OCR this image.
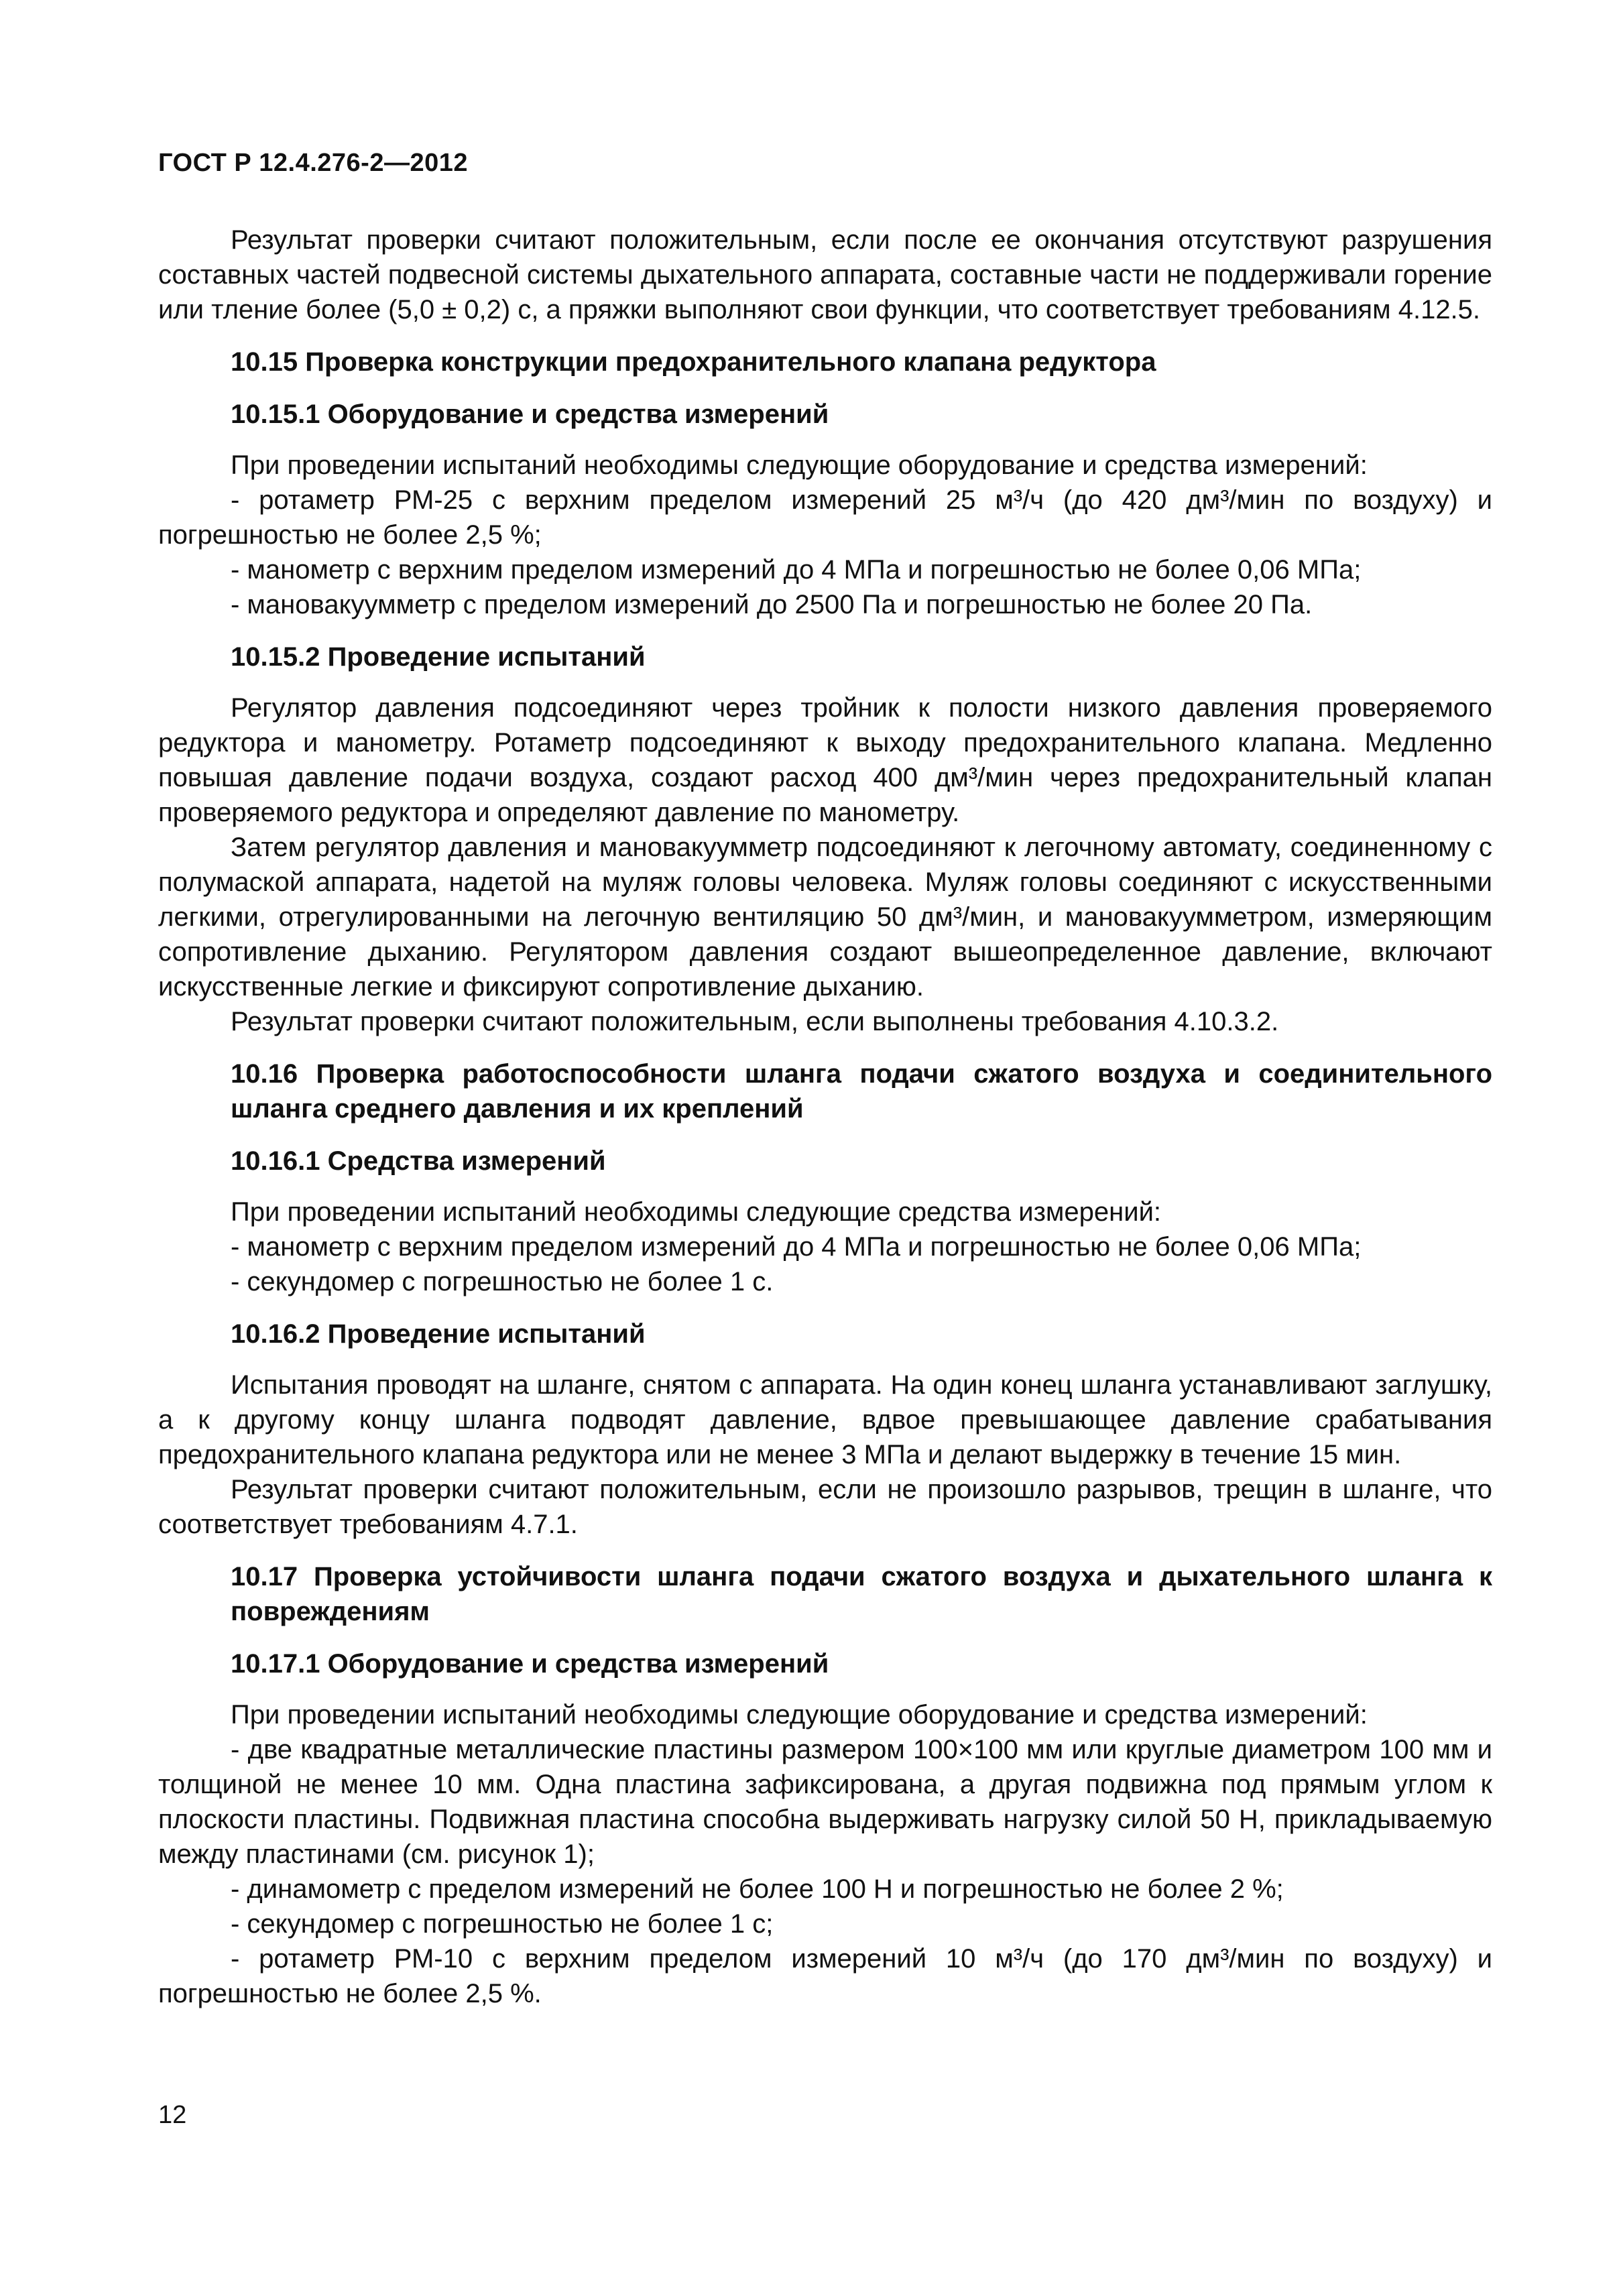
ГОСТ Р 12.4.276-2—2012

Результат проверки считают положительным, если после ее окончания отсутствуют разрушения составных частей подвесной системы дыхательного аппарата, составные части не поддерживали горение или тление более (5,0 ± 0,2) с, а пряжки выполняют свои функции, что соответствует требованиям 4.12.5.

10.15 Проверка конструкции предохранительного клапана редуктора
10.15.1 Оборудование и средства измерений

При проведении испытаний необходимы следующие оборудование и средства измерений:

- ротаметр РМ-25 с верхним пределом измерений 25 м³/ч (до 420 дм³/мин по воздуху) и погрешностью не более 2,5 %;

- манометр с верхним пределом измерений до 4 МПа и погрешностью не более 0,06 МПа;

- мановакуумметр с пределом измерений до 2500 Па и погрешностью не более 20 Па.

10.15.2 Проведение испытаний

Регулятор давления подсоединяют через тройник к полости низкого давления проверяемого редуктора и манометру. Ротаметр подсоединяют к выходу предохранительного клапана. Медленно повышая давление подачи воздуха, создают расход 400 дм³/мин через предохранительный клапан проверяемого редуктора и определяют давление по манометру.

Затем регулятор давления и мановакуумметр подсоединяют к легочному автомату, соединенному с полумаской аппарата, надетой на муляж головы человека. Муляж головы соединяют с искусственными легкими, отрегулированными на легочную вентиляцию 50 дм³/мин, и мановакуумметром, измеряющим сопротивление дыханию. Регулятором давления создают вышеопределенное давление, включают искусственные легкие и фиксируют сопротивление дыханию.

Результат проверки считают положительным, если выполнены требования 4.10.3.2.

10.16 Проверка работоспособности шланга подачи сжатого воздуха и соединительного шланга среднего давления и их креплений
10.16.1 Средства измерений

При проведении испытаний необходимы следующие средства измерений:

- манометр с верхним пределом измерений до 4 МПа и погрешностью не более 0,06 МПа;

- секундомер с погрешностью не более 1 с.

10.16.2 Проведение испытаний

Испытания проводят на шланге, снятом с аппарата. На один конец шланга устанавливают заглушку, а к другому концу шланга подводят давление, вдвое превышающее давление срабатывания предохранительного клапана редуктора или не менее 3 МПа и делают выдержку в течение 15 мин.

Результат проверки считают положительным, если не произошло разрывов, трещин в шланге, что соответствует требованиям 4.7.1.

10.17 Проверка устойчивости шланга подачи сжатого воздуха и дыхательного шланга к повреждениям
10.17.1 Оборудование и средства измерений

При проведении испытаний необходимы следующие оборудование и средства измерений:

- две квадратные металлические пластины размером 100×100 мм или круглые диаметром 100 мм и толщиной не менее 10 мм. Одна пластина зафиксирована, а другая подвижна под прямым углом к плоскости пластины. Подвижная пластина способна выдерживать нагрузку силой 50 Н, прикладываемую между пластинами (см. рисунок 1);

- динамометр с пределом измерений не более 100 Н и погрешностью не более 2 %;

- секундомер с погрешностью не более 1 с;

- ротаметр РМ-10 с верхним пределом измерений 10 м³/ч (до 170 дм³/мин по воздуху) и погрешностью не более 2,5 %.

12
